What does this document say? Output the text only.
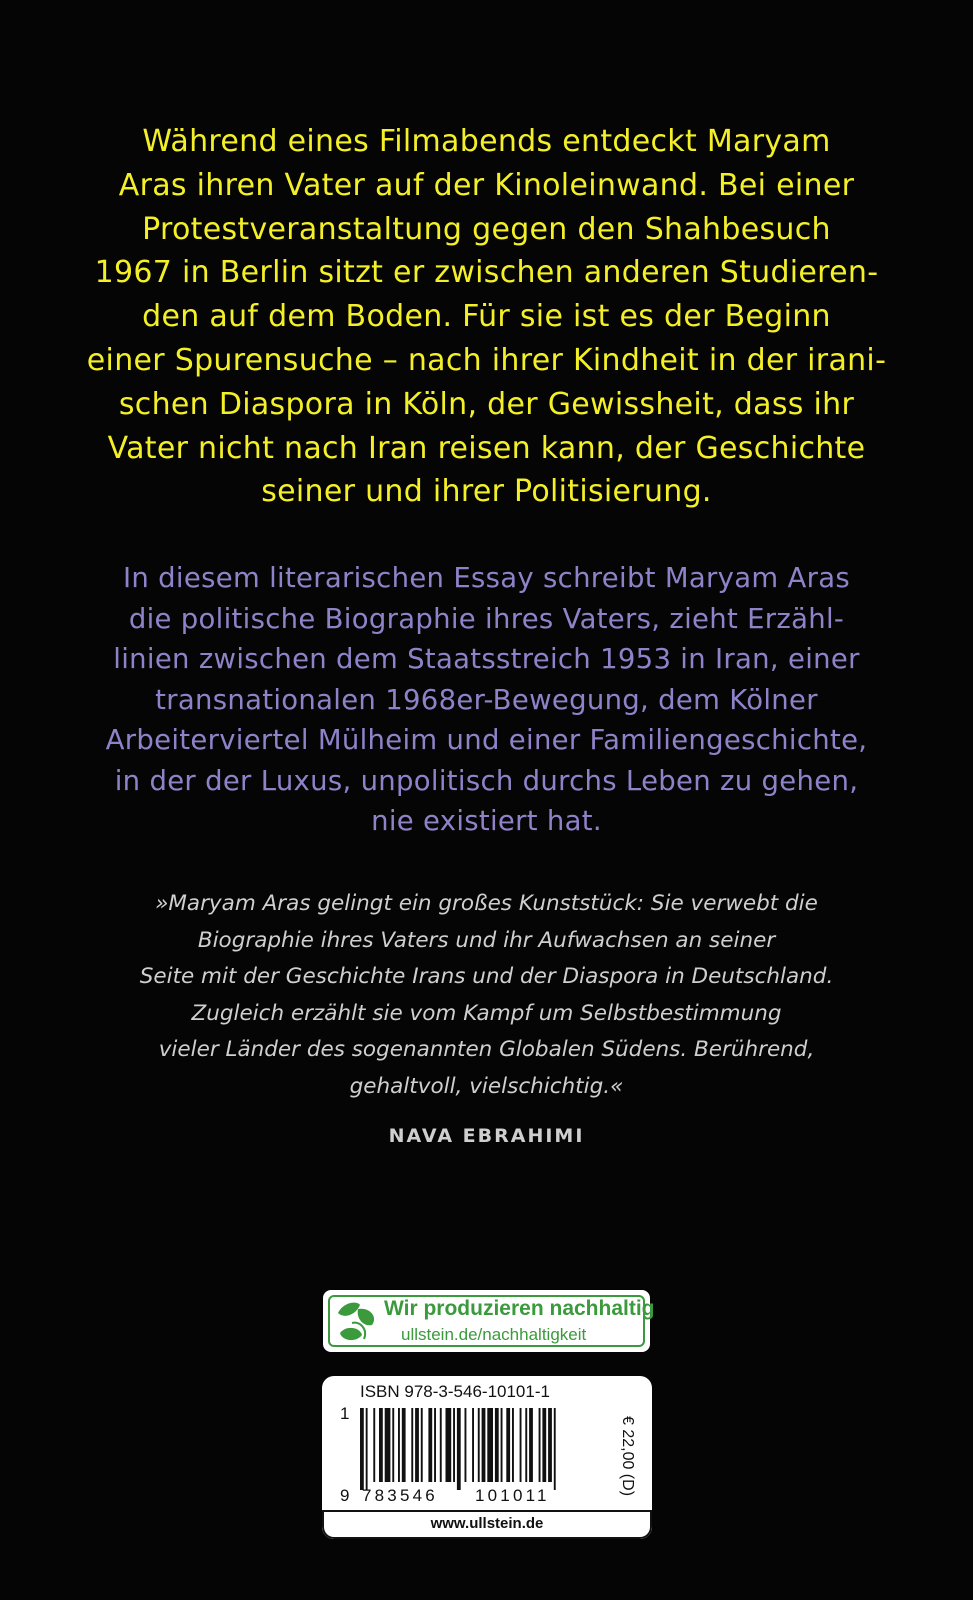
Während eines Filmabends entdeckt Maryam
Aras ihren Vater auf der Kinoleinwand. Bei einer
Protestveranstaltung gegen den Shahbesuch
1967 in Berlin sitzt er zwischen anderen Studieren-
den auf dem Boden. Für sie ist es der Beginn
einer Spurensuche – nach ihrer Kindheit in der irani-
schen Diaspora in Köln, der Gewissheit, dass ihr
Vater nicht nach Iran reisen kann, der Geschichte
seiner und ihrer Politisierung.
In diesem literarischen Essay schreibt Maryam Aras
die politische Biographie ihres Vaters, zieht Erzähl-
linien zwischen dem Staatsstreich 1953 in Iran, einer
transnationalen 1968er-Bewegung, dem Kölner
Arbeiterviertel Mülheim und einer Familiengeschichte,
in der der Luxus, unpolitisch durchs Leben zu gehen,
nie existiert hat.
»Maryam Aras gelingt ein großes Kunststück: Sie verwebt die
Biographie ihres Vaters und ihr Aufwachsen an seiner
Seite mit der Geschichte Irans und der Diaspora in Deutschland.
Zugleich erzählt sie vom Kampf um Selbstbestimmung
vieler Länder des sogenannten Globalen Südens. Berührend,
gehaltvoll, vielschichtig.«
NAVA EBRAHIMI
Wir produzieren nachhaltig
ullstein.de/nachhaltigkeit
ISBN 978-3-546-10101-1
1
9 783546 101011	€ 22,00 (D)
www.ullstein.de
